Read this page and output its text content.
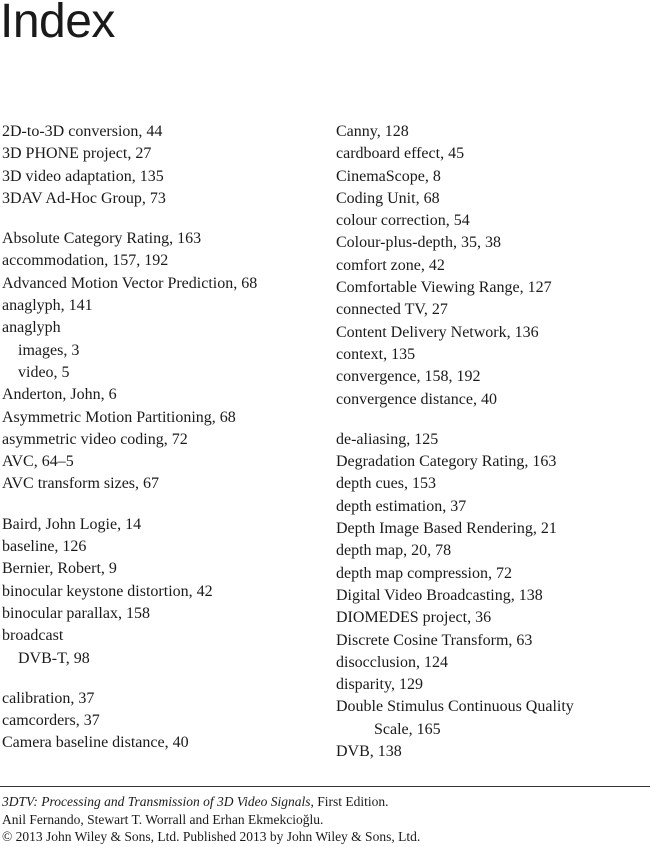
Index
2D-to-3D conversion, 44
3D PHONE project, 27
3D video adaptation, 135
3DAV Ad-Hoc Group, 73
Absolute Category Rating, 163
accommodation, 157, 192
Advanced Motion Vector Prediction, 68
anaglyph, 141
anaglyph
images, 3
video, 5
Anderton, John, 6
Asymmetric Motion Partitioning, 68
asymmetric video coding, 72
AVC, 64–5
AVC transform sizes, 67
Baird, John Logie, 14
baseline, 126
Bernier, Robert, 9
binocular keystone distortion, 42
binocular parallax, 158
broadcast
DVB-T, 98
calibration, 37
camcorders, 37
Camera baseline distance, 40
Canny, 128
cardboard effect, 45
CinemaScope, 8
Coding Unit, 68
colour correction, 54
Colour-plus-depth, 35, 38
comfort zone, 42
Comfortable Viewing Range, 127
connected TV, 27
Content Delivery Network, 136
context, 135
convergence, 158, 192
convergence distance, 40
de-aliasing, 125
Degradation Category Rating, 163
depth cues, 153
depth estimation, 37
Depth Image Based Rendering, 21
depth map, 20, 78
depth map compression, 72
Digital Video Broadcasting, 138
DIOMEDES project, 36
Discrete Cosine Transform, 63
disocclusion, 124
disparity, 129
Double Stimulus Continuous Quality
Scale, 165
DVB, 138
3DTV: Processing and Transmission of 3D Video Signals, First Edition.
Anil Fernando, Stewart T. Worrall and Erhan Ekmekcioğlu.
© 2013 John Wiley & Sons, Ltd. Published 2013 by John Wiley & Sons, Ltd.
